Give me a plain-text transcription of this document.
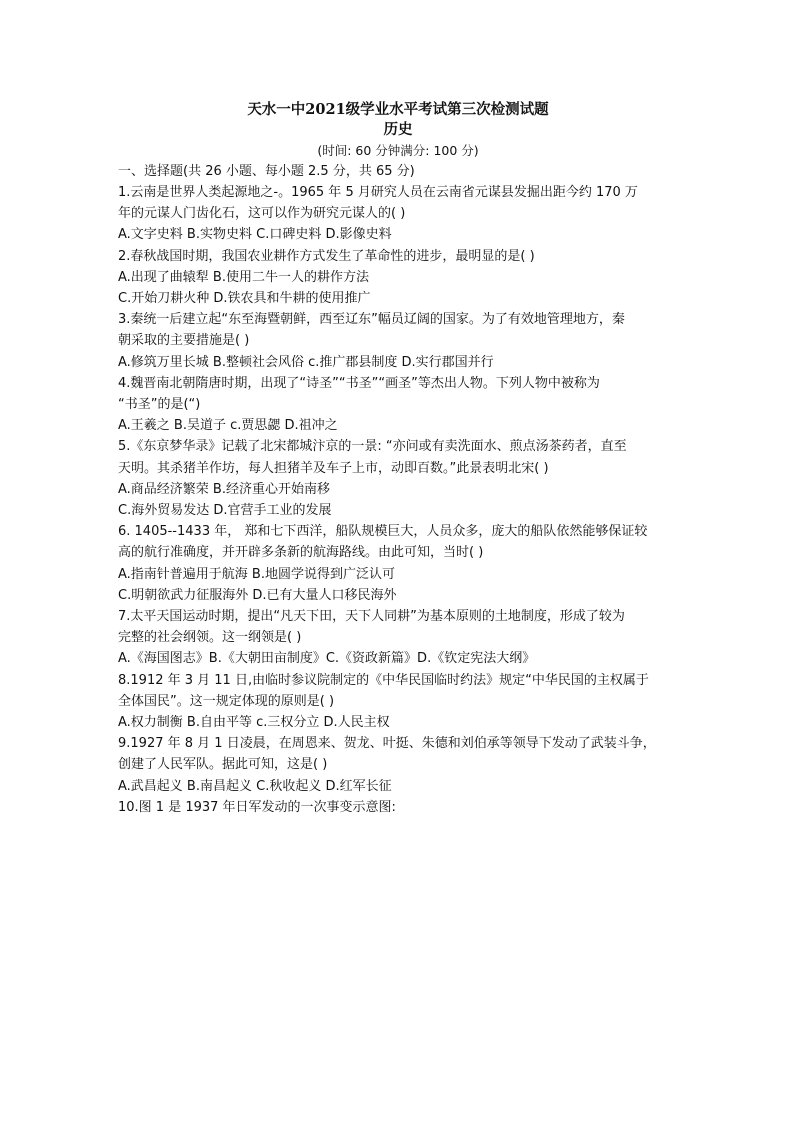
天水一中2021级学业水平考试第三次检测试题

历史

(时间: 60 分钟满分: 100 分)

一、选择题(共 26 小题、每小题 2.5 分，共 65 分)

1.云南是世界人类起源地之-。1965 年 5 月研究人员在云南省元谋县发掘出距今约 170 万

年的元谋人门齿化石，这可以作为研究元谋人的( )

A.文字史料 B.实物史料 C.口碑史料 D.影像史料

2.春秋战国时期，我国农业耕作方式发生了革命性的进步，最明显的是( )

A.出现了曲辕犁 B.使用二牛一人的耕作方法

C.开始刀耕火种 D.铁农具和牛耕的使用推广

3.秦统一后建立起“东至海暨朝鲜，西至辽东”幅员辽阔的国家。为了有效地管理地方，秦

朝采取的主要措施是( )

A.修筑万里长城 B.整顿社会风俗 c.推广郡县制度 D.实行郡国并行

4.魏晋南北朝隋唐时期，出现了“诗圣”“书圣”“画圣”等杰出人物。下列人物中被称为

“书圣”的是(“)

A.王羲之 B.吴道子 c.贾思勰 D.祖冲之

5.《东京梦华录》记载了北宋都城汴京的一景: “亦问或有卖洗面水、煎点汤茶药者，直至

天明。其杀猪羊作坊，每人担猪羊及车子上市，动即百数。”此景表明北宋( )

A.商品经济繁荣 B.经济重心开始南移

C.海外贸易发达 D.官营手工业的发展

6. 1405--1433 年， 郑和七下西洋，船队规模巨大，人员众多，庞大的船队依然能够保证较

高的航行准确度，并开辟多条新的航海路线。由此可知，当时( )

A.指南针普遍用于航海 B.地圆学说得到广泛认可

C.明朝欲武力征服海外 D.已有大量人口移民海外

7.太平天国运动时期，提出“凡天下田，天下人同耕”为基本原则的土地制度，形成了较为

完整的社会纲领。这一纲领是( )

A.《海国图志》B.《大朝田亩制度》C.《资政新篇》D.《钦定宪法大纲》

8.1912 年 3 月 11 日,由临时参议院制定的《中华民国临时约法》规定“中华民国的主权属于

全体国民”。这一规定体现的原则是( )

A.权力制衡 B.自由平等 c.三权分立 D.人民主权

9.1927 年 8 月 1 日凌晨，在周恩来、贺龙、叶挺、朱德和刘伯承等领导下发动了武装斗争，

创建了人民军队。据此可知，这是( )

A.武昌起义 B.南昌起义 C.秋收起义 D.红军长征

10.图 1 是 1937 年日军发动的一次事变示意图:
